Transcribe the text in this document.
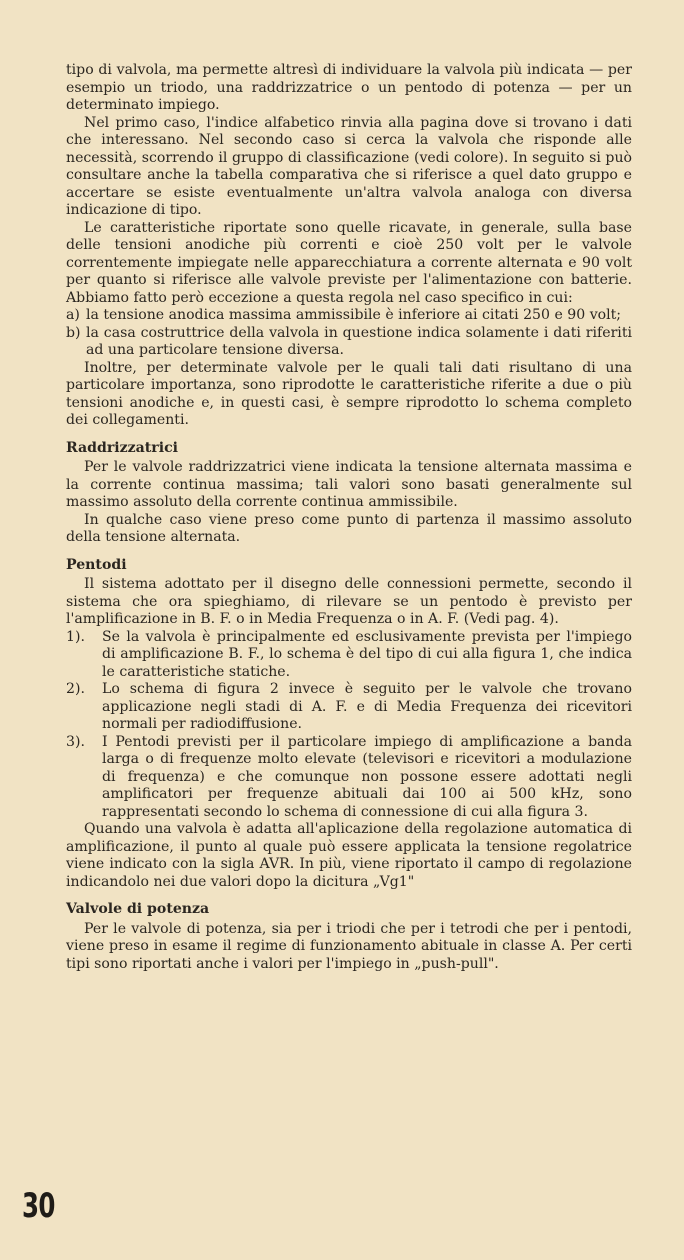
tipo di valvola, ma permette altresì di individuare la valvola più indicata — per esempio un triodo, una raddrizzatrice o un pentodo di potenza — per un determinato impiego.

Nel primo caso, l'indice alfabetico rinvia alla pagina dove si trovano i dati che interessano. Nel secondo caso si cerca la valvola che risponde alle necessità, scorrendo il gruppo di classificazione (vedi colore). In seguito si può consultare anche la tabella comparativa che si riferisce a quel dato gruppo e accertare se esiste eventualmente un'altra valvola analoga con diversa indicazione di tipo.

Le caratteristiche riportate sono quelle ricavate, in generale, sulla base delle tensioni anodiche più correnti e cioè 250 volt per le valvole correntemente impiegate nelle apparecchiatura a corrente alternata e 90 volt per quanto si riferisce alle valvole previste per l'alimentazione con batterie. Abbiamo fatto però eccezione a questa regola nel caso specifico in cui:

a) la tensione anodica massima ammissibile è inferiore ai citati 250 e 90 volt;
b) la casa costruttrice della valvola in questione indica solamente i dati riferiti ad una particolare tensione diversa.

Inoltre, per determinate valvole per le quali tali dati risultano di una particolare importanza, sono riprodotte le caratteristiche riferite a due o più tensioni anodiche e, in questi casi, è sempre riprodotto lo schema completo dei collegamenti.

Raddrizzatrici

Per le valvole raddrizzatrici viene indicata la tensione alternata massima e la corrente continua massima; tali valori sono basati generalmente sul massimo assoluto della corrente continua ammissibile.

In qualche caso viene preso come punto di partenza il massimo assoluto della tensione alternata.

Pentodi

Il sistema adottato per il disegno delle connessioni permette, secondo il sistema che ora spieghiamo, di rilevare se un pentodo è previsto per l'amplificazione in B. F. o in Media Frequenza o in A. F. (Vedi pag. 4).

1).	Se la valvola è principalmente ed esclusivamente prevista per l'impiego di amplificazione B. F., lo schema è del tipo di cui alla figura 1, che indica le caratteristiche statiche.
2).	Lo schema di figura 2 invece è seguito per le valvole che trovano applicazione negli stadi di A. F. e di Media Frequenza dei ricevitori normali per radiodiffusione.
3).	I Pentodi previsti per il particolare impiego di amplificazione a banda larga o di frequenze molto elevate (televisori e ricevitori a modulazione di frequenza) e che comunque non possone essere adottati negli amplificatori per frequenze abituali dai 100 ai 500 kHz, sono rappresentati secondo lo schema di connessione di cui alla figura 3.

Quando una valvola è adatta all'aplicazione della regolazione automatica di amplificazione, il punto al quale può essere applicata la tensione regolatrice viene indicato con la sigla AVR. In più, viene riportato il campo di regolazione indicandolo nei due valori dopo la dicitura „Vg1"

Valvole di potenza

Per le valvole di potenza, sia per i triodi che per i tetrodi che per i pentodi, viene preso in esame il regime di funzionamento abituale in classe A. Per certi tipi sono riportati anche i valori per l'impiego in „push-pull".

30
